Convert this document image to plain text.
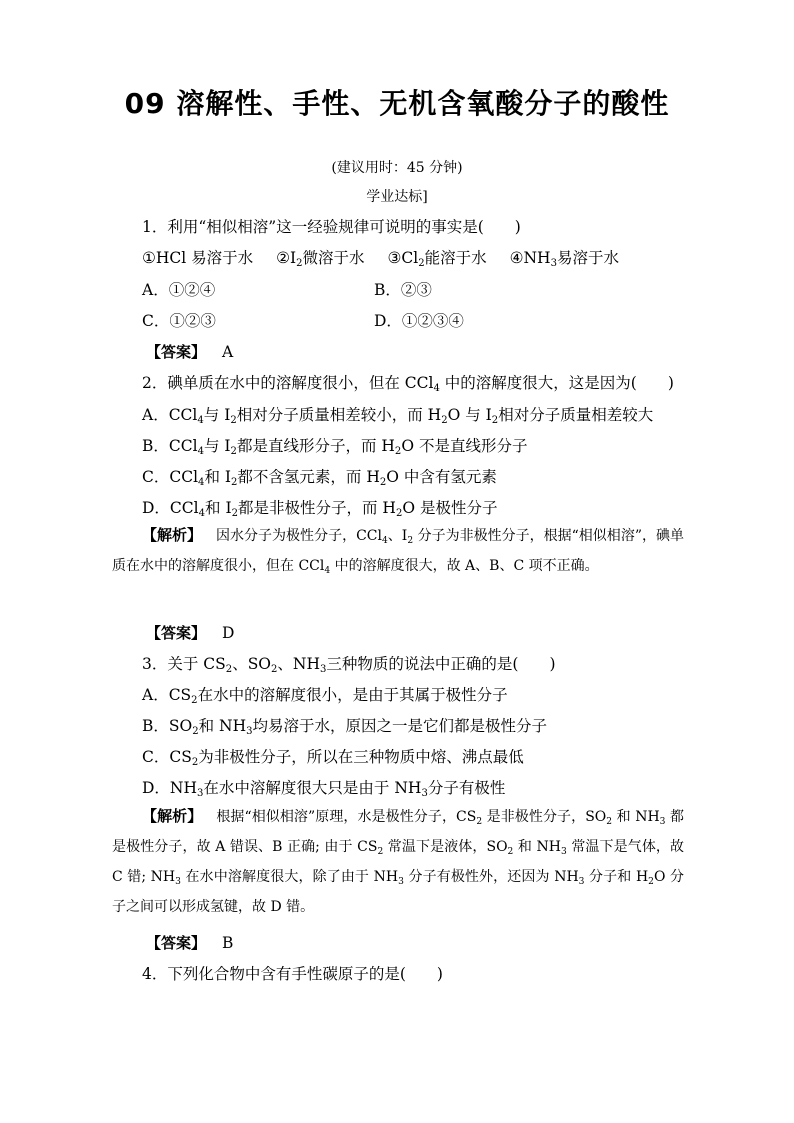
09 溶解性、手性、无机含氧酸分子的酸性
(建议用时：45 分钟)
学业达标]
1．利用“相似相溶”这一经验规律可说明的事实是(　　)
①HCl 易溶于水 $②I_2$微溶于水 $③Cl_2$能溶于水 $④NH_3$易溶于水
A．①②④	B．②③
C．①②③	D．①②③④
【答案】 A
2．碘单质在水中的溶解度很小，但在 CCl$_4$ 中的溶解度很大，这是因为(　　)
A．CCl$_4$与 $I_2$相对分子质量相差较小，而 $H_2O$ 与 $I_2$相对分子质量相差较大
B．CCl$_4$与 $I_2$都是直线形分子，而 $H_2O$ 不是直线形分子
C．CCl$_4$和 $I_2$都不含氢元素，而 $H_2O$ 中含有氢元素
D．CCl$_4$和 $I_2$都是非极性分子，而 $H_2O$ 是极性分子
【解析】 因水分子为极性分子，CCl$_4$、$I_2$ 分子为非极性分子，根据“相似相溶”，碘单质在水中的溶解度很小，但在 CCl$_4$ 中的溶解度很大，故 A、B、C 项不正确。
【答案】 D
3．关于 $CS_2$、$SO_2$、$NH_3$三种物质的说法中正确的是(　　)
A．$CS_2$在水中的溶解度很小，是由于其属于极性分子
B．$SO_2$和 $NH_3$均易溶于水，原因之一是它们都是极性分子
C．$CS_2$为非极性分子，所以在三种物质中熔、沸点最低
D．$NH_3$在水中溶解度很大只是由于 $NH_3$分子有极性
【解析】 根据“相似相溶”原理，水是极性分子，$CS_2$ 是非极性分子，$SO_2$ 和 $NH_3$ 都是极性分子，故 A 错误、B 正确; 由于 $CS_2$ 常温下是液体，$SO_2$ 和 $NH_3$ 常温下是气体，故 C 错; $NH_3$ 在水中溶解度很大，除了由于 $NH_3$ 分子有极性外，还因为 $NH_3$ 分子和 $H_2O$ 分子之间可以形成氢键，故 D 错。
【答案】 B
4．下列化合物中含有手性碳原子的是(　　)
